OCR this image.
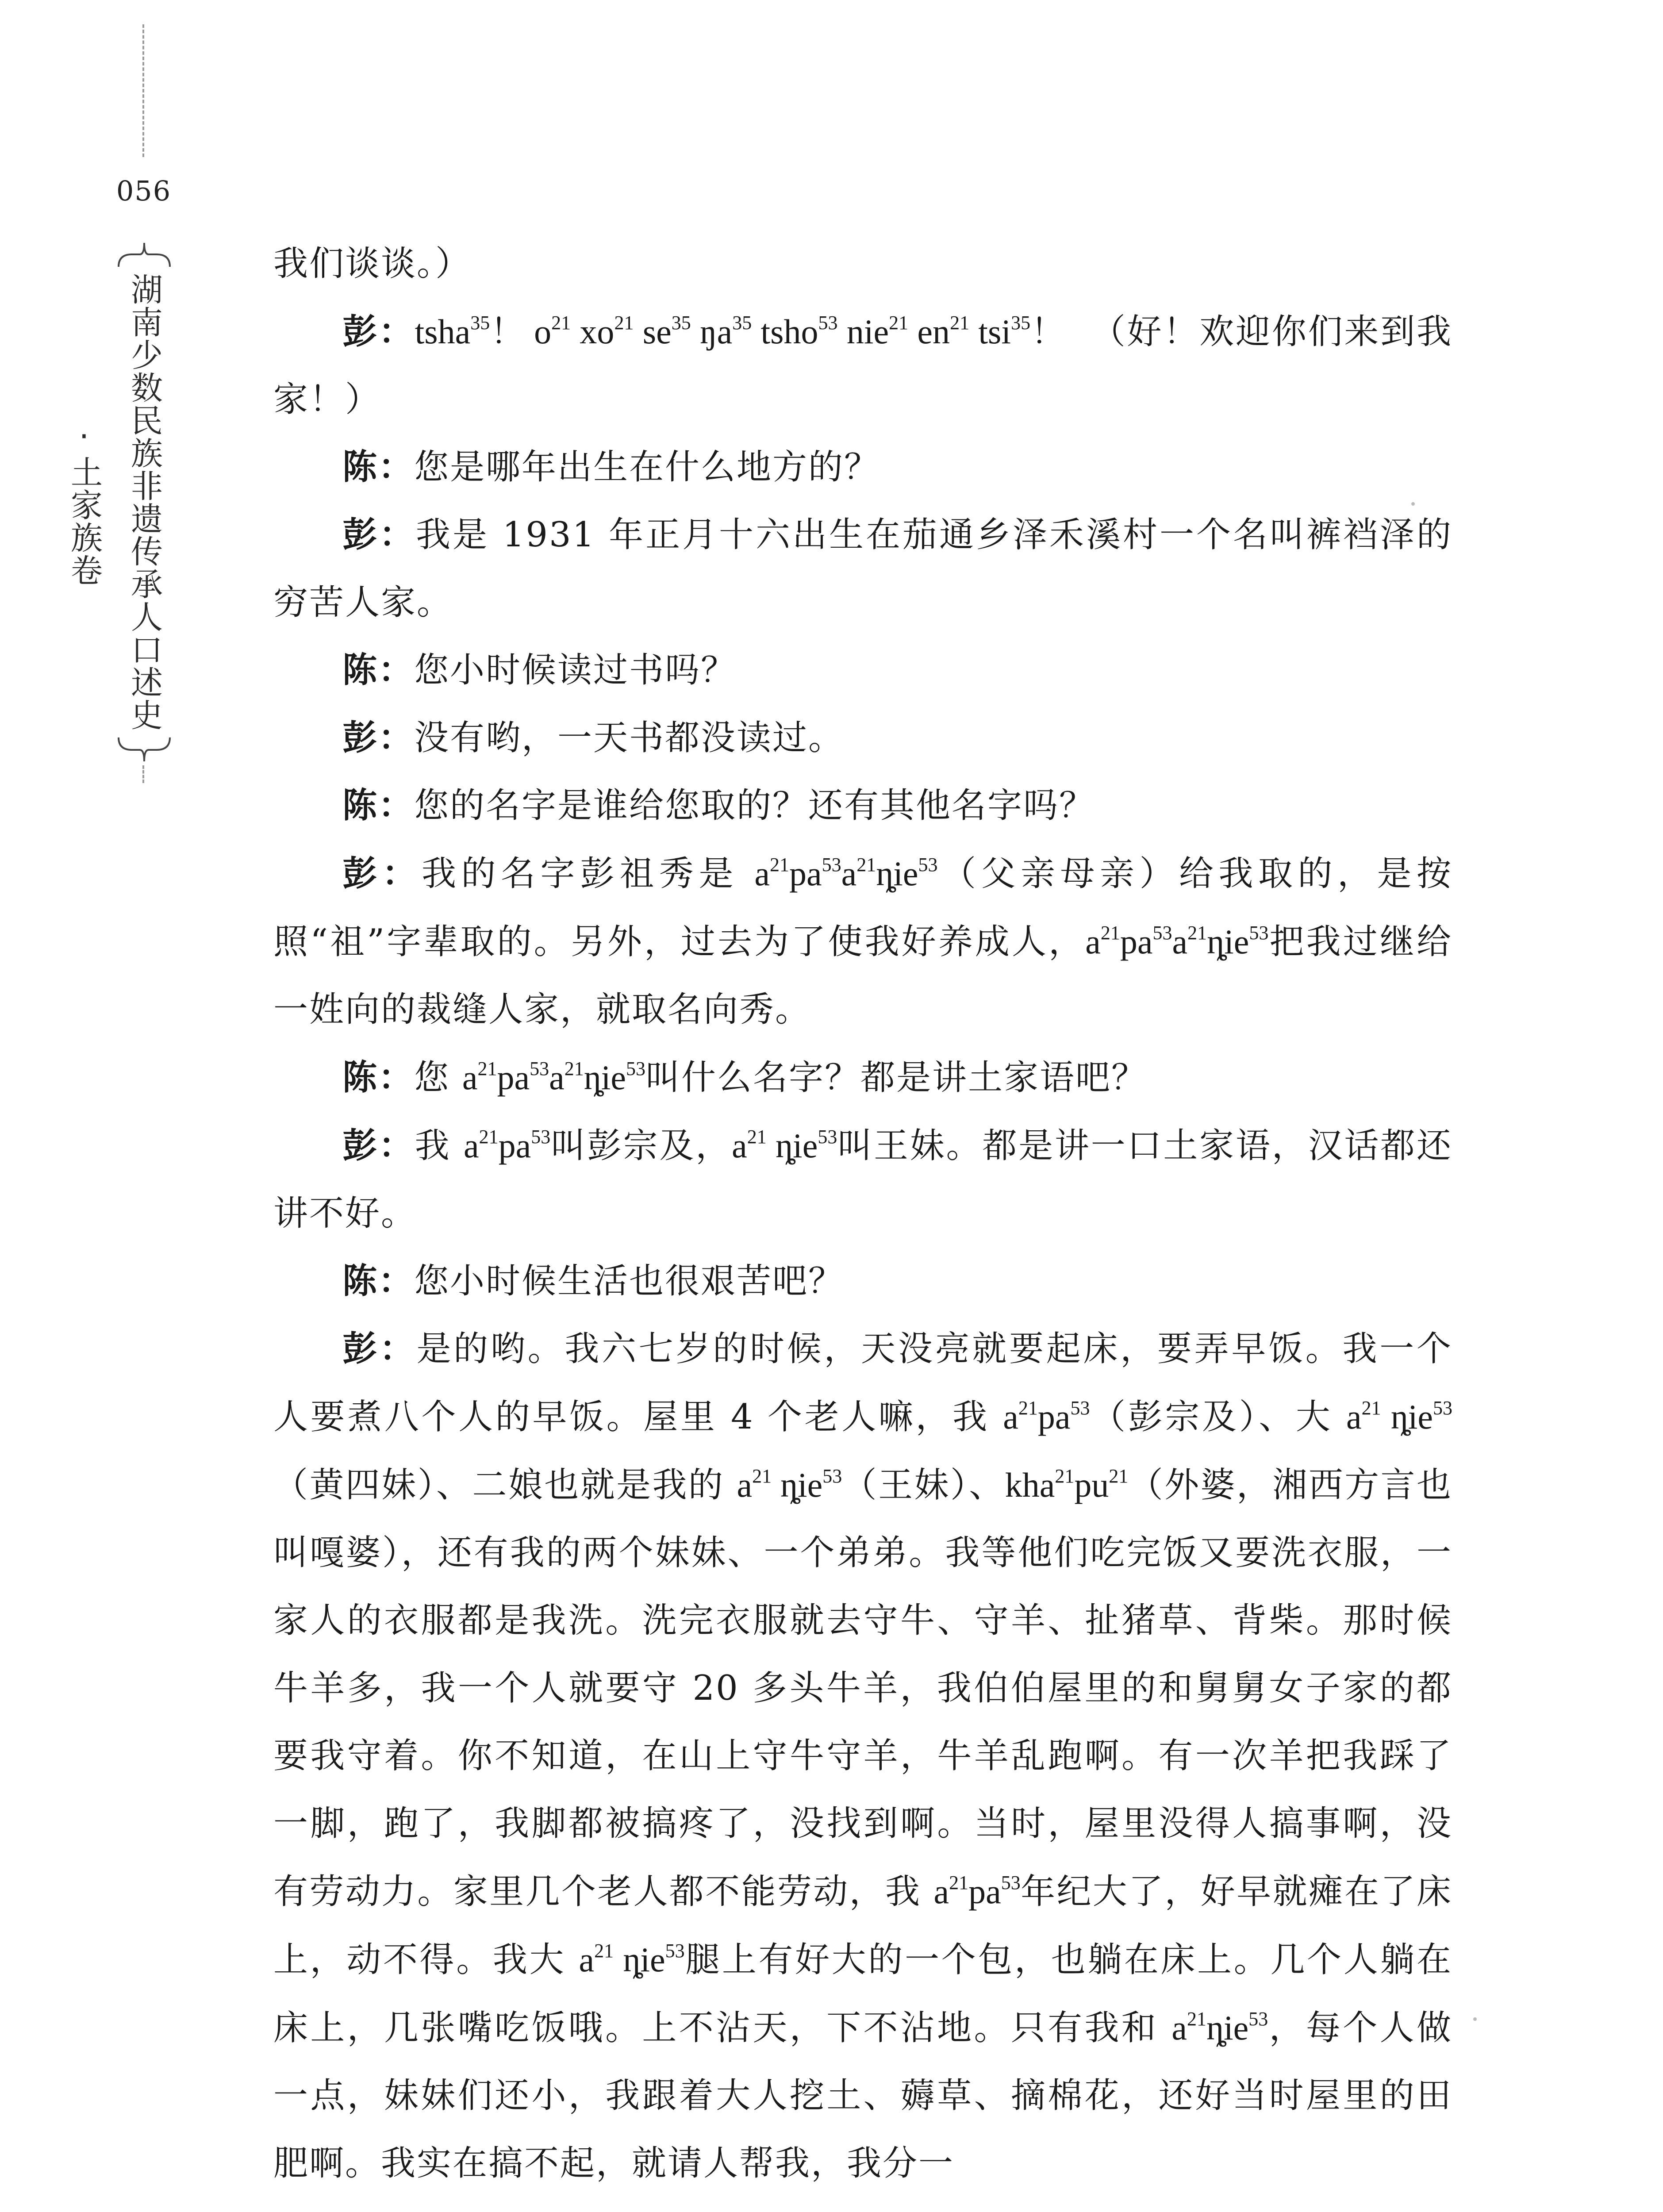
056
湖南少数民族非遗传承人口述史·土家族卷

我们谈谈。）

彭：tsha$^{35}$！ $o^{21}$ $xo^{21}$ $se^{35}$ $ŋa^{35}$ tsho$^{53}$ nie$^{21}$ $en^{21}$ tsi$^{35}$！ （好！欢迎你们来到我家！）

陈：您是哪年出生在什么地方的？

彭：我是 1931 年正月十六出生在茄通乡泽禾溪村一个名叫裤裆泽的穷苦人家。

陈：您小时候读过书吗？

彭：没有哟，一天书都没读过。

陈：您的名字是谁给您取的？还有其他名字吗？

彭：我的名字彭祖秀是 $a^{21}pa^{53}a^{21}ȵie^{53}$（父亲母亲）给我取的，是按照“祖”字辈取的。另外，过去为了使我好养成人，$a^{21}pa^{53}a^{21}ȵie^{53}$把我过继给一姓向的裁缝人家，就取名向秀。

陈：您 $a^{21}pa^{53}a^{21}ȵie^{53}$叫什么名字？都是讲土家语吧？

彭：我 $a^{21}pa^{53}$叫彭宗及，$a^{21}$ ȵie$^{53}$叫王妹。都是讲一口土家语，汉话都还讲不好。

陈：您小时候生活也很艰苦吧？

彭：是的哟。我六七岁的时候，天没亮就要起床，要弄早饭。我一个人要煮八个人的早饭。屋里 4 个老人嘛，我 $a^{21}pa^{53}$（彭宗及）、大 $a^{21}$ ȵie$^{53}$（黄四妹）、二娘也就是我的 $a^{21}$ ȵie$^{53}$（王妹）、$kha^{21}pu^{21}$（外婆，湘西方言也叫嘎婆），还有我的两个妹妹、一个弟弟。我等他们吃完饭又要洗衣服，一家人的衣服都是我洗。洗完衣服就去守牛、守羊、扯猪草、背柴。那时候牛羊多，我一个人就要守 20 多头牛羊，我伯伯屋里的和舅舅女子家的都要我守着。你不知道，在山上守牛守羊，牛羊乱跑啊。有一次羊把我踩了一脚，跑了，我脚都被搞疼了，没找到啊。当时，屋里没得人搞事啊，没有劳动力。家里几个老人都不能劳动，我 $a^{21}pa^{53}$年纪大了，好早就瘫在了床上，动不得。我大 $a^{21}$ ȵie$^{53}$腿上有好大的一个包，也躺在床上。几个人躺在床上，几张嘴吃饭哦。上不沾天，下不沾地。只有我和 $a^{21}ȵie^{53}$，每个人做一点，妹妹们还小，我跟着大人挖土、薅草、摘棉花，还好当时屋里的田肥啊。我实在搞不起，就请人帮我，我分一
